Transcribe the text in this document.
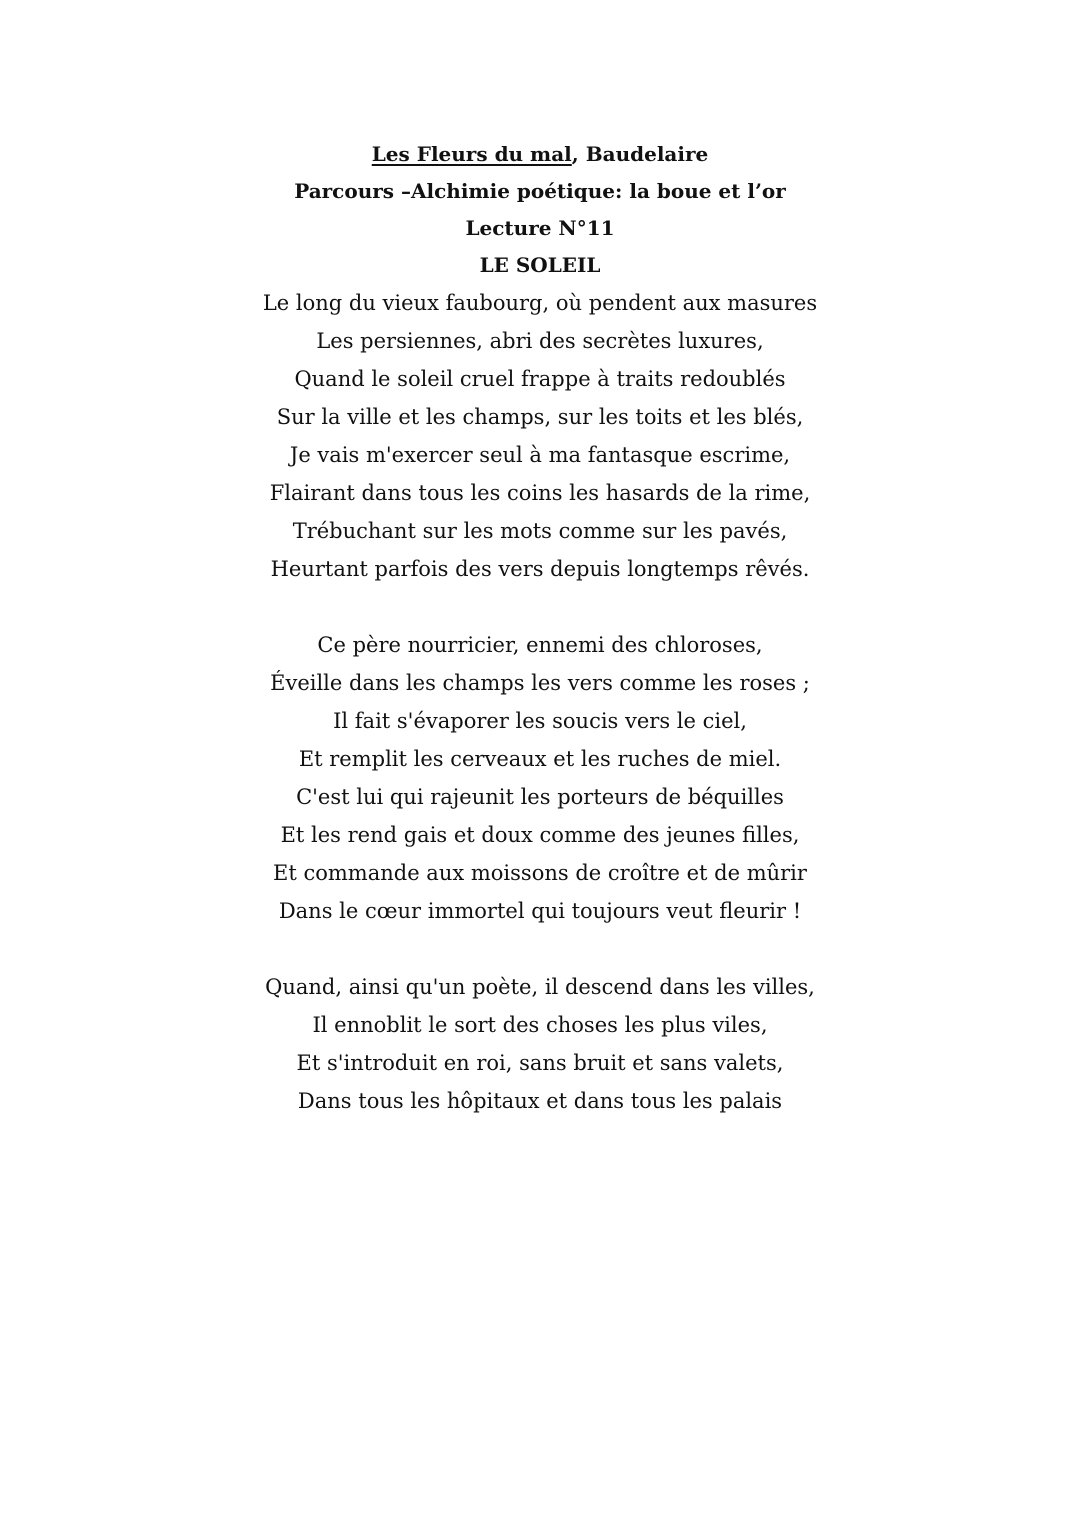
Les Fleurs du mal, Baudelaire
Parcours –Alchimie poétique: la boue et l’or
Lecture N°11
LE SOLEIL
Le long du vieux faubourg, où pendent aux masures
Les persiennes, abri des secrètes luxures,
Quand le soleil cruel frappe à traits redoublés
Sur la ville et les champs, sur les toits et les blés,
Je vais m'exercer seul à ma fantasque escrime,
Flairant dans tous les coins les hasards de la rime,
Trébuchant sur les mots comme sur les pavés,
Heurtant parfois des vers depuis longtemps rêvés.
Ce père nourricier, ennemi des chloroses,
Éveille dans les champs les vers comme les roses ;
Il fait s'évaporer les soucis vers le ciel,
Et remplit les cerveaux et les ruches de miel.
C'est lui qui rajeunit les porteurs de béquilles
Et les rend gais et doux comme des jeunes filles,
Et commande aux moissons de croître et de mûrir
Dans le cœur immortel qui toujours veut fleurir !
Quand, ainsi qu'un poète, il descend dans les villes,
Il ennoblit le sort des choses les plus viles,
Et s'introduit en roi, sans bruit et sans valets,
Dans tous les hôpitaux et dans tous les palais
